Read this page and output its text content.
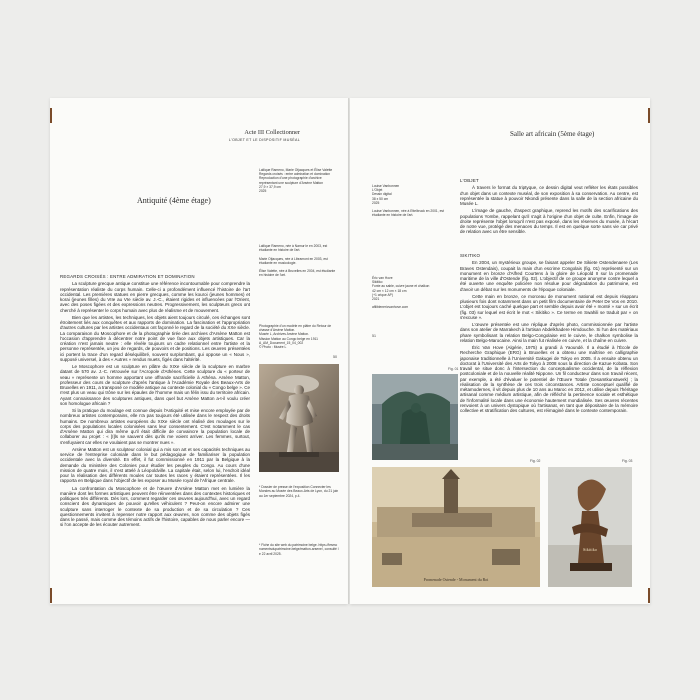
Acte III Collectionner
L'OBJET ET LE DISPOSITIF MUSÉAL
Antiquité (4ème étage)
Laliique Rameno, Marie Otjacques et Élise Valette
Regards croisés : entre admiration et domination
Reproduction d'une photographie d'archive représentant une sculpture d'Arsène Matton
27,9 × 37,9 cm
2025
Laliique Rameno, née à Namur le en 2003, est étudiante en histoire de l'art.

Marie Otjacques, née à Libramont en 2003, est étudiante en musicologie.

Élise Valette, née à Bruxelles en 2004, est étudiante en histoire de l'art.
Photographie d'un modèle en plâtre du Retour de chasse d'Arsène Matton.
Musée L, Archives Arsène Matton.
Mission Matton au Congo belge en 1911
A_AM_Document_15_04_002
© Photo : Musée L
50
* Dossier de presse de l'exposition Connecter les Mondes au Musée des Beaux-Arts de Lyon, du 21 juin au 1er septembre 2024, p.4.
* Fiche du site web du patrimoine belge. https://lesmonumentsdupatrimoine.belge/matton-arsene/, consulté le 22 avril 2025.
REGARDS CROISÉS : ENTRE ADMIRATION ET DOMINATION

La sculpture grecque antique constitue une référence incontournable pour comprendre la représentation réaliste du corps humain. Celle-ci a profondément influencé l'histoire de l'art occidental. Les premières statues en pierre grecques, comme les kouroi (jeunes hommes) et korai (jeunes filles) du VIIe au VIe siècle av. J.-C., étaient rigides et influencées par l'Orient, avec des poses figées et des expressions neutres. Progressivement, les sculpteurs grecs ont cherché à représenter le corps humain avec plus de réalisme et de mouvement.

Bien que les artistes, les techniques, les objets aient toujours circulé, ces échanges sont étroitement liés aux conquêtes et aux rapports de domination. La fascination et l'appropriation d'autres cultures par les artistes occidentaux ont façonné le regard de la société du XXe siècle. La comparaison du Moscophore et de la photographie tirée des archives d'Arsène Matton est l'occasion d'apprendre à décentrer notre point de vue face aux objets artistiques. Car la création n'est jamais neutre : elle révèle toujours un cadre relationnel entre l'artiste et la personne représentée, un jeu de regards, de pouvoirs et de positions. Les œuvres présentées ici portent la trace d'un regard déséquilibré, souvent surplombant, qui oppose un « Nous », supposé universel, à des « Autres » rendus muets, figés dans l'altérité.

Le Moscophore est un sculpture en plâtre du XIXe siècle de la sculpture en marbre datant de 570 av. J.-C. retrouvée sur l'Acropole d'Athènes. Cette sculpture du « porteur de veau » représente un homme apportant une offrande sacrificielle à Athéna. Arsène Matton, professeur des cours de sculpture d'après l'antique à l'Académie Royale des Beaux-Arts de Bruxelles en 1911, a transposé ce modèle antique au contexte colonial du « Congo belge ». Ce n'est plus un veau qui trône sur les épaules de l'homme mais un félin issu du territoire africain. Ayant connaissance des sculptures antiques, dans quel but Arsène Matton a-t-il voulu créer son homologue africain ?

Si la pratique du moulage est connue depuis l'Antiquité et mise encore employée par de nombreux artistes contemporains, elle n'a pas toujours été utilisée dans le respect des droits humains. De nombreux artistes européens du XIXe siècle ont réalisé des moulages sur le corps des populations locales colonisées sans leur consentement. C'est notamment le cas d'Arsène Matton qui dira même qu'il était difficile de convaincre la population locale de collaborer au projet : « [I]ls se sauvent dès qu'ils me voient arriver. Les femmes, surtout, s'enfuyaient car elles ne voulaient pas se montrer nues ».

Arsène Matton est un sculpteur colonial qui a mis son art et ses capacités techniques au service de l'entreprise coloniale dans le but pédagogique de familiariser la population occidentale avec la diversité. En effet, il fut commissionné en 1911 par la Belgique à la demande du ministère des Colonies pour étudier les peuples du Congo. Au cours d'une mission de quatre mois, il s'est attelé à Léopoldville. La capitale était, selon lui, l'endroit idéal pour la réalisation des différents moules car toutes les races y étaient représentées. Il les rapporta en Belgique dans l'objectif de les exposer au Musée royal de l'Afrique centrale.

La confrontation du Moscophore et de l'œuvre d'Arsène Matton met en lumière la manière dont les formes artistiques peuvent être réinventées dans des contextes historiques et politiques très différents. Dès lors, comment regarder ces œuvres aujourd'hui, avec un regard conscient des dynamiques de pouvoir qu'elles véhiculent ? Peut-on encore admirer une sculpture sans interroger le contexte de sa production et de sa circulation ? Ces questionnements invitent à repenser notre rapport aux œuvres, non comme des objets figés dans le passé, mais comme des témoins actifs de l'histoire, capables de nous parler encore — si l'on accepte de les écouter autrement.

Salle art africain (5ème étage)
Louise Vanbonnen
L'Objet
Dessin digital
38 x 50 cm
2025

Louise Vanbonnen, née à Ettelbruck en 2001, est étudiante en histoire de l'art.
Éric van Hove
Sikitiko
Fonte au sable, cuivre jaune et chalkon
42 cm × 12 cm × 18 cm
(+1 crique AP)
2021

afiliblenericvanhove.com
51
L'OBJET

À travers le format du triptyque, ce dessin digital veut refléter les états possibles d'un objet dans un contexte muséal, de son exposition à sa conservation. Au centre, est représentée la statue à pouvoir Nkondi présente dans la salle de la section africaine du Musée L.

L'image de gauche, d'aspect graphique, reprend les motifs des scarifications des populations Yombe, rappelant qu'il s'agit à l'origine d'un objet de culte. Enfin, l'image de droite représente l'objet lorsqu'il n'est pas exposé, dans les réserves du musée, à l'écart de notre vue, protégé des menaces du temps. Il est en quelque sorte sans vie car privé de relation avec un être sensible.

SIKITIKO

En 2004, un mystérieux groupe, se faisant appeler De Sikiete Ostendenaere (Les Braves Ostendais), coupait la main d'un escrime Congolais (fig. 01) représenté sur un monument en bronze d'Alfred Courtens à la gloire de Léopold II sur la promenade maritime de la ville d'Ostende (fig. 02). L'objectif de ce groupe anonyme contre lequel a été ouverte une enquête policière non résolue pour dégradation du patrimoine, est d'avoir un débat sur les monuments de l'époque coloniale.

Cette main en bronze, ce morceau de monument national est depuis réapparu plusieurs fois dont notamment dans un petit film documentaire de Peter De Vos en 2010. L'objet est toujours caché quelque part et semble depuis avoir été « monté » sur un écrit (fig. 03) sur lequel est écrit le mot « Sikitiko ». Ce terme en Swahili se traduit par « on s'excuse ».

L'œuvre présentée est une réplique d'après photo, commissionnée par l'artiste dans son atelier de Marrakech à l'artisan Abdelkhadere Himdouche. Si l'un des matériaux phare symbolisant la relation Belgo-Congolaise est le cuivre, le chalkon symbolise la relation Belgo-Marocaine. Ainsi la main fut réalisée en cuivre, et la chaîne en cuivre.

Éric Van Hove (Algérie, 1975) a grandi à Yaoundé. Il a étudié à l'École de Recherche Graphique (ERG) à Bruxelles et a obtenu une maîtrise en calligraphie japonaise traditionnelle à l'Université Gakugei de Tokyo en 2005. Il a ensuite obtenu un doctorat à l'Université des Arts de Tokyo à 2008 sous la direction de Kazue Kobata. Son travail se situe donc à l'intersection du conceptualisme occidental, de la réflexion postcoloniale et de la nouvelle réalité Nippone. Un fil conducteur dans son travail récent, par exemple, a été d'évaluer le potentiel de l'Œuvre Totale (Gesamtkunstwerk) ; la réalisation de la synthèse de ces trois circonstances. Artiste conceptuel qualifié de métamodernes, il vit depuis plus de 10 ans au Maroc en 2012, et utilise depuis l'héritage artisanal comme médium artistique, afin de réfléchir la pertinence sociale et esthétique de l'informalité locale dans une économie hautement mondialisée. Ses œuvres récentes renvoient à un univers dystopique où l'artisanat, en tant que dépositaire de la mémoire collective et stratification des cultures, est réimaginé dans le contexte contemporain.

Fig. 01
Fig. 02
Promenade Ostende - Monument du Roi
Fig. 03
Sikitiko
